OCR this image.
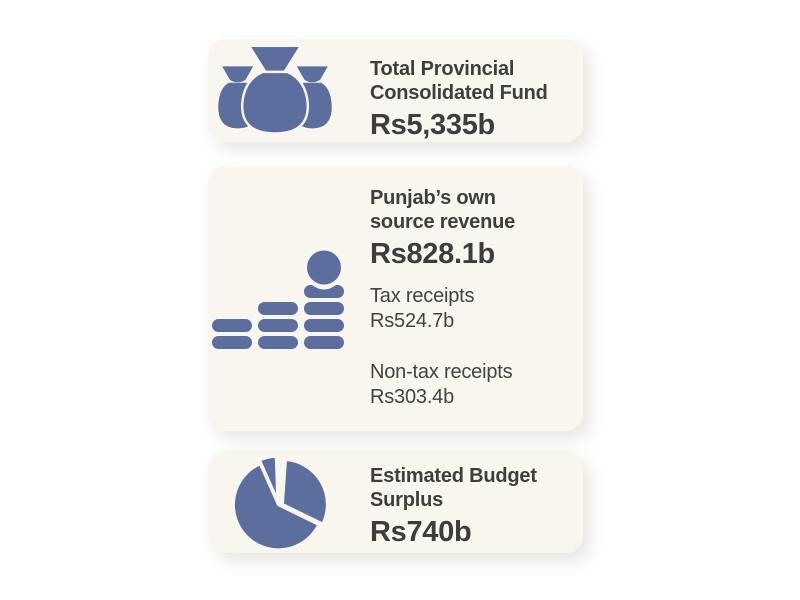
Total Provincial
Consolidated Fund
Rs5,335b
Punjab’s own
source revenue
Rs828.1b
Tax receipts
Rs524.7b
Non-tax receipts
Rs303.4b
Estimated Budget
Surplus
Rs740b
